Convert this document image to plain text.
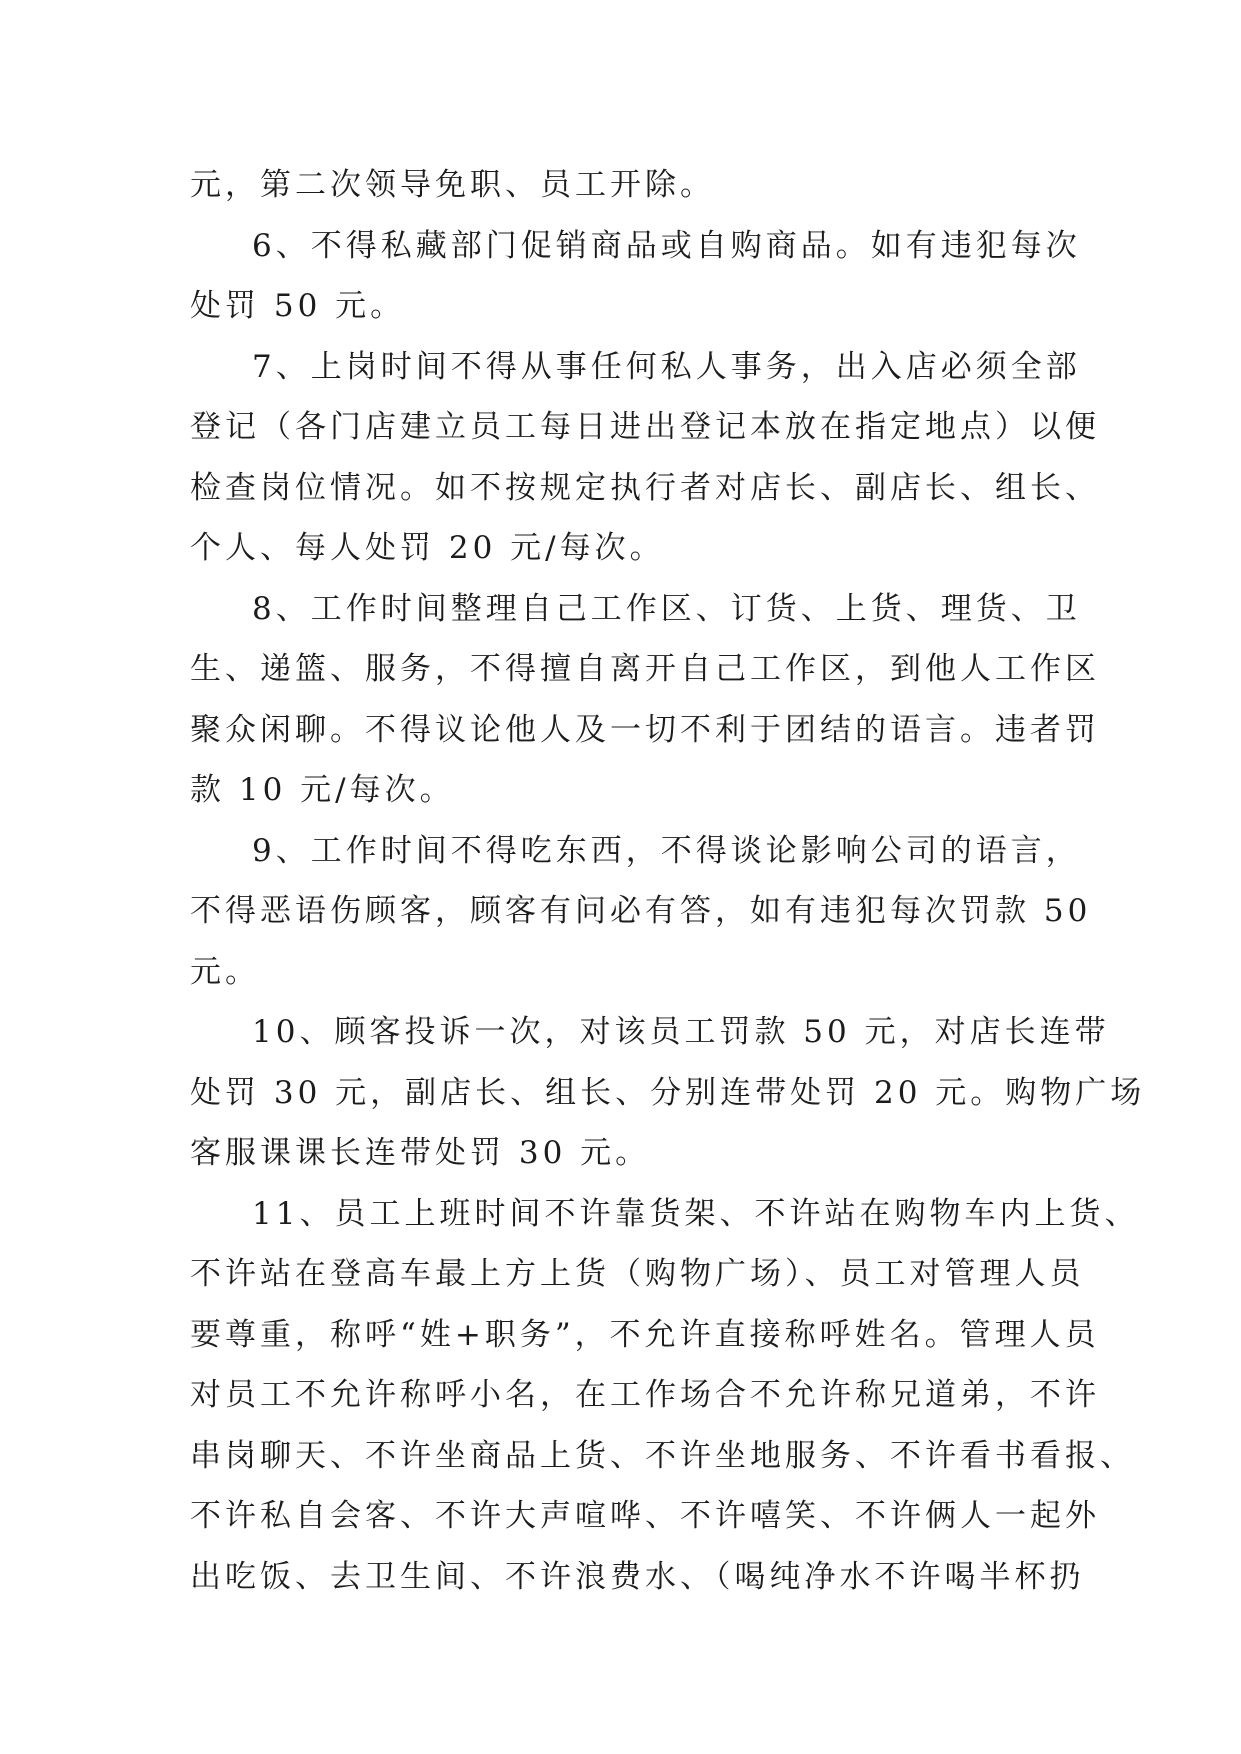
元，第二次领导免职、员工开除。
6、不得私藏部门促销商品或自购商品。如有违犯每次
处罚 50 元。
7、上岗时间不得从事任何私人事务，出入店必须全部
登记（各门店建立员工每日进出登记本放在指定地点）以便
检查岗位情况。如不按规定执行者对店长、副店长、组长、
个人、每人处罚 20 元/每次。
8、工作时间整理自己工作区、订货、上货、理货、卫
生、递篮、服务，不得擅自离开自己工作区，到他人工作区
聚众闲聊。不得议论他人及一切不利于团结的语言。违者罚
款 10 元/每次。
9、工作时间不得吃东西，不得谈论影响公司的语言，
不得恶语伤顾客，顾客有问必有答，如有违犯每次罚款 50
元。
10、顾客投诉一次，对该员工罚款 50 元，对店长连带
处罚 30 元，副店长、组长、分别连带处罚 20 元。购物广场
客服课课长连带处罚 30 元。
11、员工上班时间不许靠货架、不许站在购物车内上货、
不许站在登高车最上方上货（购物广场）、员工对管理人员
要尊重，称呼“姓+职务”，不允许直接称呼姓名。管理人员
对员工不允许称呼小名，在工作场合不允许称兄道弟，不许
串岗聊天、不许坐商品上货、不许坐地服务、不许看书看报、
不许私自会客、不许大声喧哗、不许嘻笑、不许俩人一起外
出吃饭、去卫生间、不许浪费水、（喝纯净水不许喝半杯扔
